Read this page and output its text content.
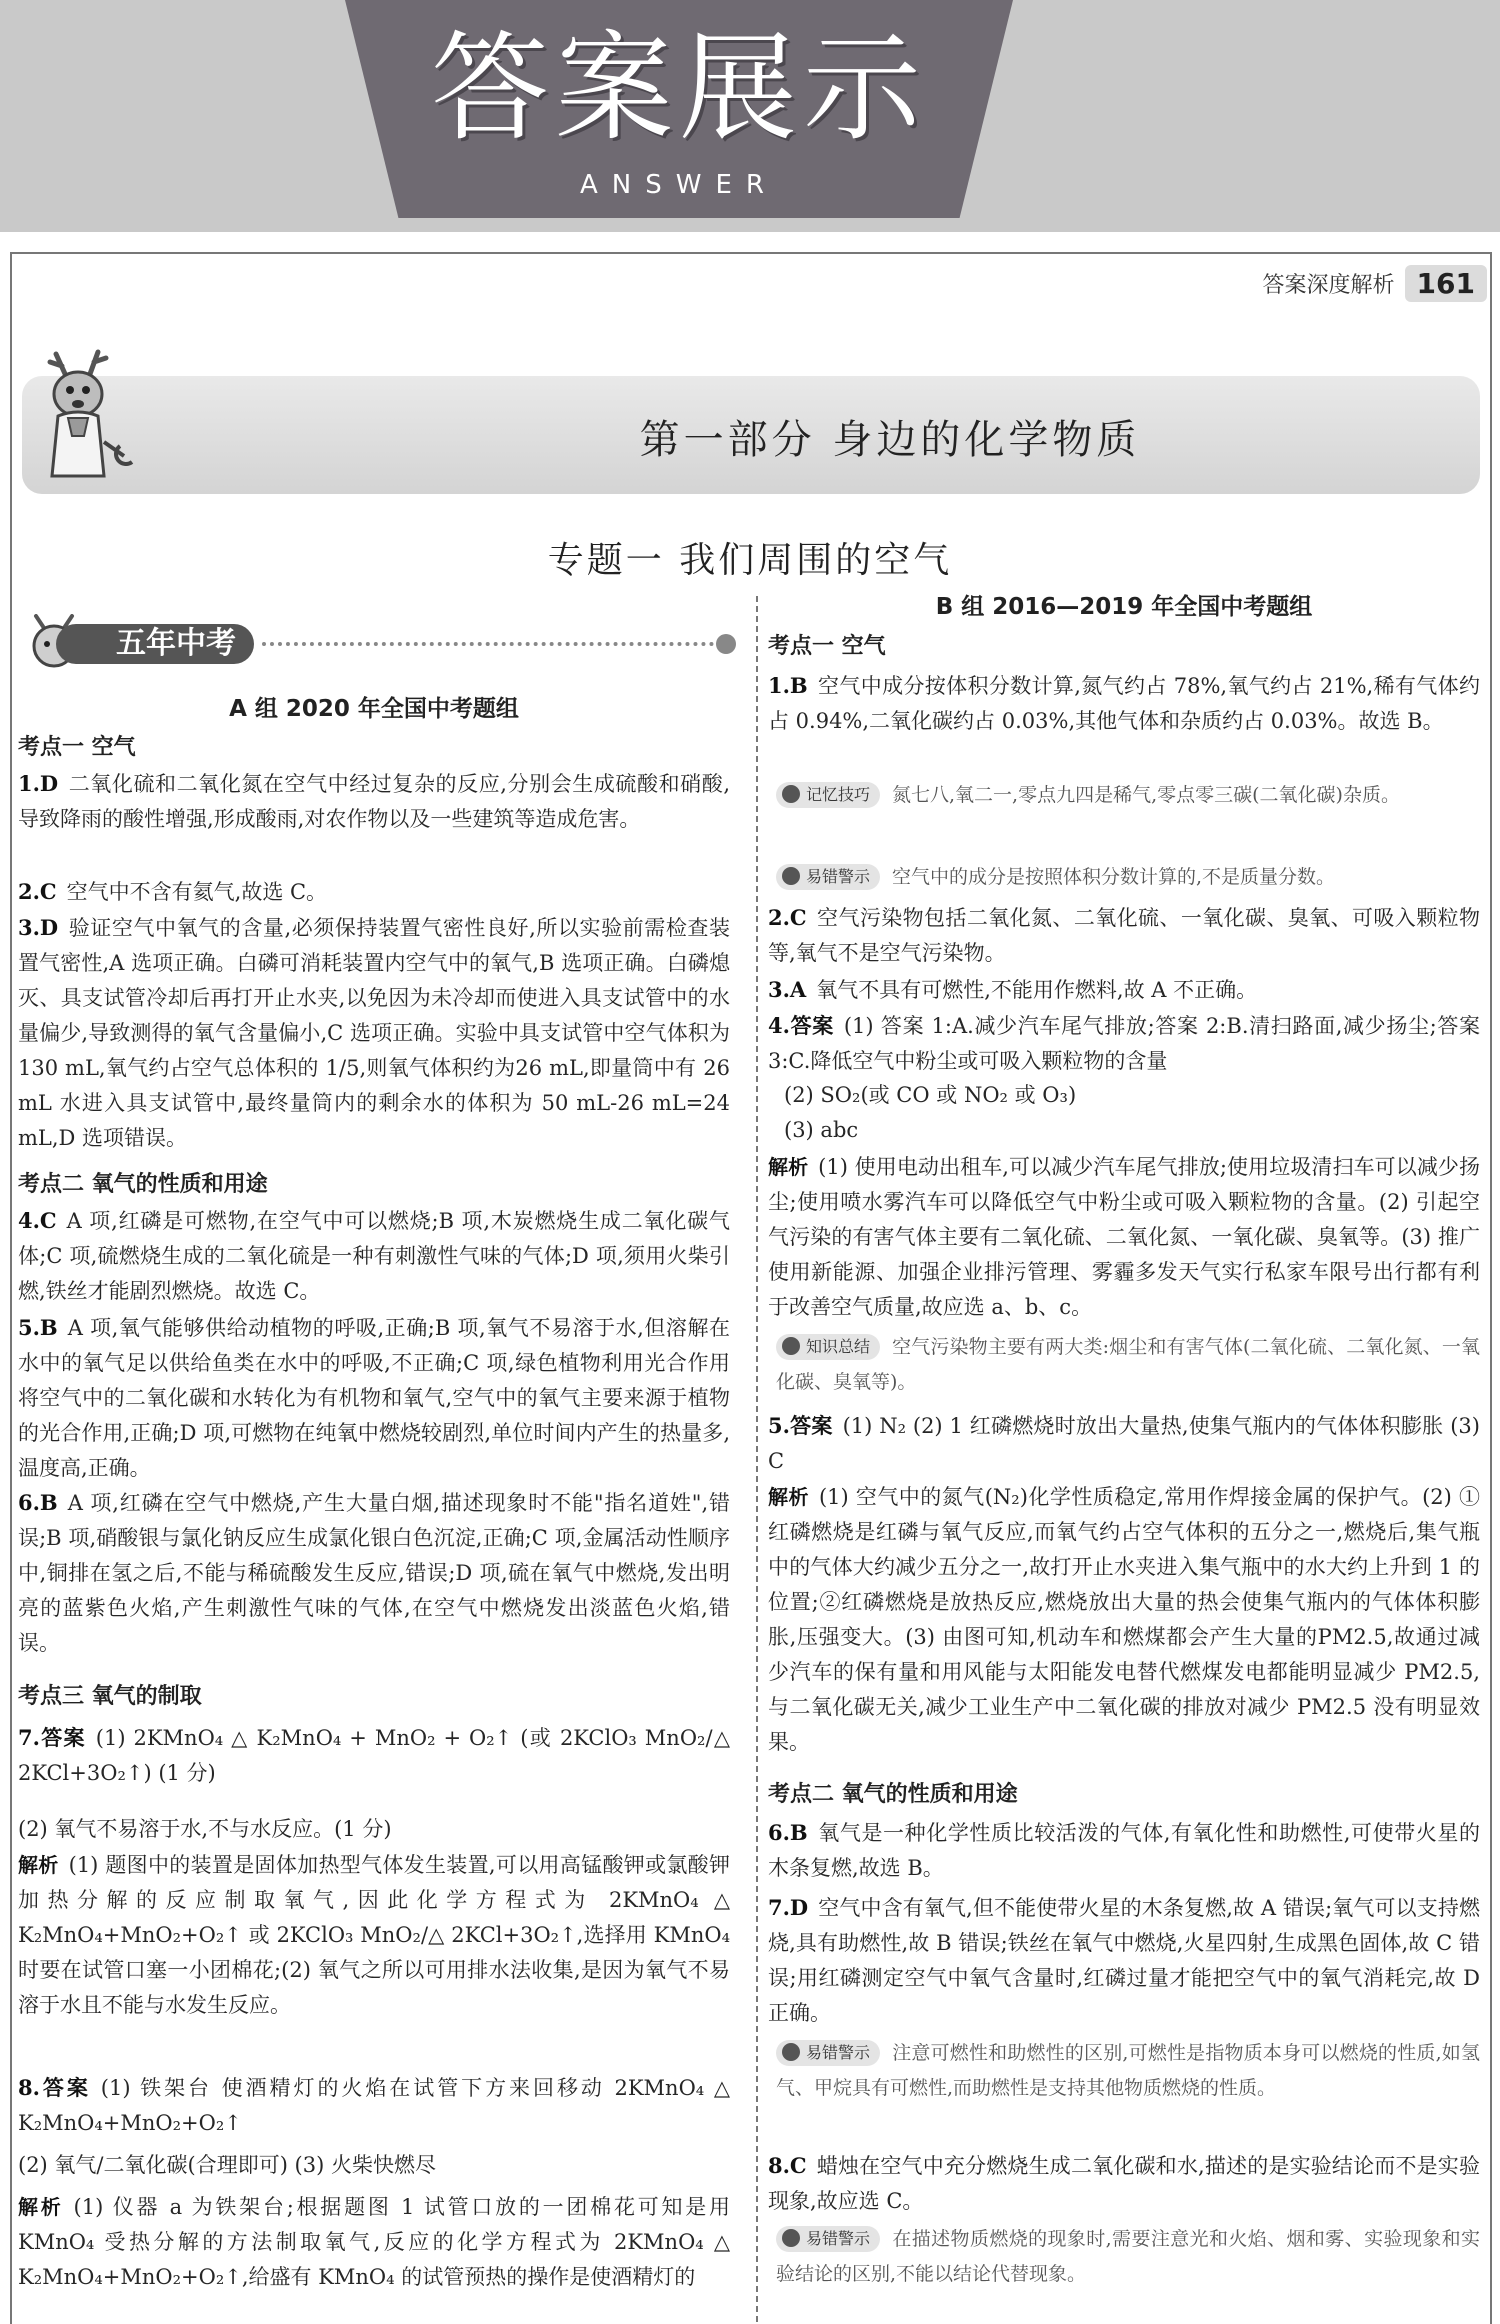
答案展示
ANSWER
答案深度解析 161
第一部分 身边的化学物质
专题一 我们周围的空气
五年中考
A 组 2020 年全国中考题组
考点一 空气
1.D 二氧化硫和二氧化氮在空气中经过复杂的反应,分别会生成硫酸和硝酸,导致降雨的酸性增强,形成酸雨,对农作物以及一些建筑等造成危害。
2.C 空气中不含有氦气,故选 C。
3.D 验证空气中氧气的含量,必须保持装置气密性良好,所以实验前需检查装置气密性,A 选项正确。白磷可消耗装置内空气中的氧气,B 选项正确。白磷熄灭、具支试管冷却后再打开止水夹,以免因为未冷却而使进入具支试管中的水量偏少,导致测得的氧气含量偏小,C 选项正确。实验中具支试管中空气体积为130 mL,氧气约占空气总体积的 1/5,则氧气体积约为26 mL,即量筒中有 26 mL 水进入具支试管中,最终量筒内的剩余水的体积为 50 mL-26 mL=24 mL,D 选项错误。
考点二 氧气的性质和用途
4.C A 项,红磷是可燃物,在空气中可以燃烧;B 项,木炭燃烧生成二氧化碳气体;C 项,硫燃烧生成的二氧化硫是一种有刺激性气味的气体;D 项,须用火柴引燃,铁丝才能剧烈燃烧。故选 C。
5.B A 项,氧气能够供给动植物的呼吸,正确;B 项,氧气不易溶于水,但溶解在水中的氧气足以供给鱼类在水中的呼吸,不正确;C 项,绿色植物利用光合作用将空气中的二氧化碳和水转化为有机物和氧气,空气中的氧气主要来源于植物的光合作用,正确;D 项,可燃物在纯氧中燃烧较剧烈,单位时间内产生的热量多,温度高,正确。
6.B A 项,红磷在空气中燃烧,产生大量白烟,描述现象时不能"指名道姓",错误;B 项,硝酸银与氯化钠反应生成氯化银白色沉淀,正确;C 项,金属活动性顺序中,铜排在氢之后,不能与稀硫酸发生反应,错误;D 项,硫在氧气中燃烧,发出明亮的蓝紫色火焰,产生刺激性气味的气体,在空气中燃烧发出淡蓝色火焰,错误。
考点三 氧气的制取
7.答案 (1) 2KMnO₄ △ K₂MnO₄ + MnO₂ + O₂↑ (或 2KClO₃ MnO₂/△ 2KCl+3O₂↑) (1 分)
(2) 氧气不易溶于水,不与水反应。(1 分)
解析 (1) 题图中的装置是固体加热型气体发生装置,可以用高锰酸钾或氯酸钾加热分解的反应制取氧气,因此化学方程式为 2KMnO₄ △ K₂MnO₄+MnO₂+O₂↑ 或 2KClO₃ MnO₂/△ 2KCl+3O₂↑,选择用 KMnO₄ 时要在试管口塞一小团棉花;(2) 氧气之所以可用排水法收集,是因为氧气不易溶于水且不能与水发生反应。
8.答案 (1) 铁架台 使酒精灯的火焰在试管下方来回移动 2KMnO₄ △ K₂MnO₄+MnO₂+O₂↑
(2) 氧气/二氧化碳(合理即可) (3) 火柴快燃尽
解析 (1) 仪器 a 为铁架台;根据题图 1 试管口放的一团棉花可知是用 KMnO₄ 受热分解的方法制取氧气,反应的化学方程式为 2KMnO₄ △ K₂MnO₄+MnO₂+O₂↑,给盛有 KMnO₄ 的试管预热的操作是使酒精灯的
B 组 2016—2019 年全国中考题组
考点一 空气
1.B 空气中成分按体积分数计算,氮气约占 78%,氧气约占 21%,稀有气体约占 0.94%,二氧化碳约占 0.03%,其他气体和杂质约占 0.03%。故选 B。
记忆技巧 氮七八,氧二一,零点九四是稀气,零点零三碳(二氧化碳)杂质。
易错警示 空气中的成分是按照体积分数计算的,不是质量分数。
2.C 空气污染物包括二氧化氮、二氧化硫、一氧化碳、臭氧、可吸入颗粒物等,氧气不是空气污染物。
3.A 氧气不具有可燃性,不能用作燃料,故 A 不正确。
4.答案 (1) 答案 1:A.减少汽车尾气排放;答案 2:B.清扫路面,减少扬尘;答案 3:C.降低空气中粉尘或可吸入颗粒物的含量
(2) SO₂(或 CO 或 NO₂ 或 O₃)
(3) abc
解析 (1) 使用电动出租车,可以减少汽车尾气排放;使用垃圾清扫车可以减少扬尘;使用喷水雾汽车可以降低空气中粉尘或可吸入颗粒物的含量。(2) 引起空气污染的有害气体主要有二氧化硫、二氧化氮、一氧化碳、臭氧等。(3) 推广使用新能源、加强企业排污管理、雾霾多发天气实行私家车限号出行都有利于改善空气质量,故应选 a、b、c。
知识总结 空气污染物主要有两大类:烟尘和有害气体(二氧化硫、二氧化氮、一氧化碳、臭氧等)。
5.答案 (1) N₂ (2) 1 红磷燃烧时放出大量热,使集气瓶内的气体体积膨胀 (3) C
解析 (1) 空气中的氮气(N₂)化学性质稳定,常用作焊接金属的保护气。(2) ①红磷燃烧是红磷与氧气反应,而氧气约占空气体积的五分之一,燃烧后,集气瓶中的气体大约减少五分之一,故打开止水夹进入集气瓶中的水大约上升到 1 的位置;②红磷燃烧是放热反应,燃烧放出大量的热会使集气瓶内的气体体积膨胀,压强变大。(3) 由图可知,机动车和燃煤都会产生大量的PM2.5,故通过减少汽车的保有量和用风能与太阳能发电替代燃煤发电都能明显减少 PM2.5,与二氧化碳无关,减少工业生产中二氧化碳的排放对减少 PM2.5 没有明显效果。
考点二 氧气的性质和用途
6.B 氧气是一种化学性质比较活泼的气体,有氧化性和助燃性,可使带火星的木条复燃,故选 B。
7.D 空气中含有氧气,但不能使带火星的木条复燃,故 A 错误;氧气可以支持燃烧,具有助燃性,故 B 错误;铁丝在氧气中燃烧,火星四射,生成黑色固体,故 C 错误;用红磷测定空气中氧气含量时,红磷过量才能把空气中的氧气消耗完,故 D 正确。
易错警示 注意可燃性和助燃性的区别,可燃性是指物质本身可以燃烧的性质,如氢气、甲烷具有可燃性,而助燃性是支持其他物质燃烧的性质。
8.C 蜡烛在空气中充分燃烧生成二氧化碳和水,描述的是实验结论而不是实验现象,故应选 C。
易错警示 在描述物质燃烧的现象时,需要注意光和火焰、烟和雾、实验现象和实验结论的区别,不能以结论代替现象。
